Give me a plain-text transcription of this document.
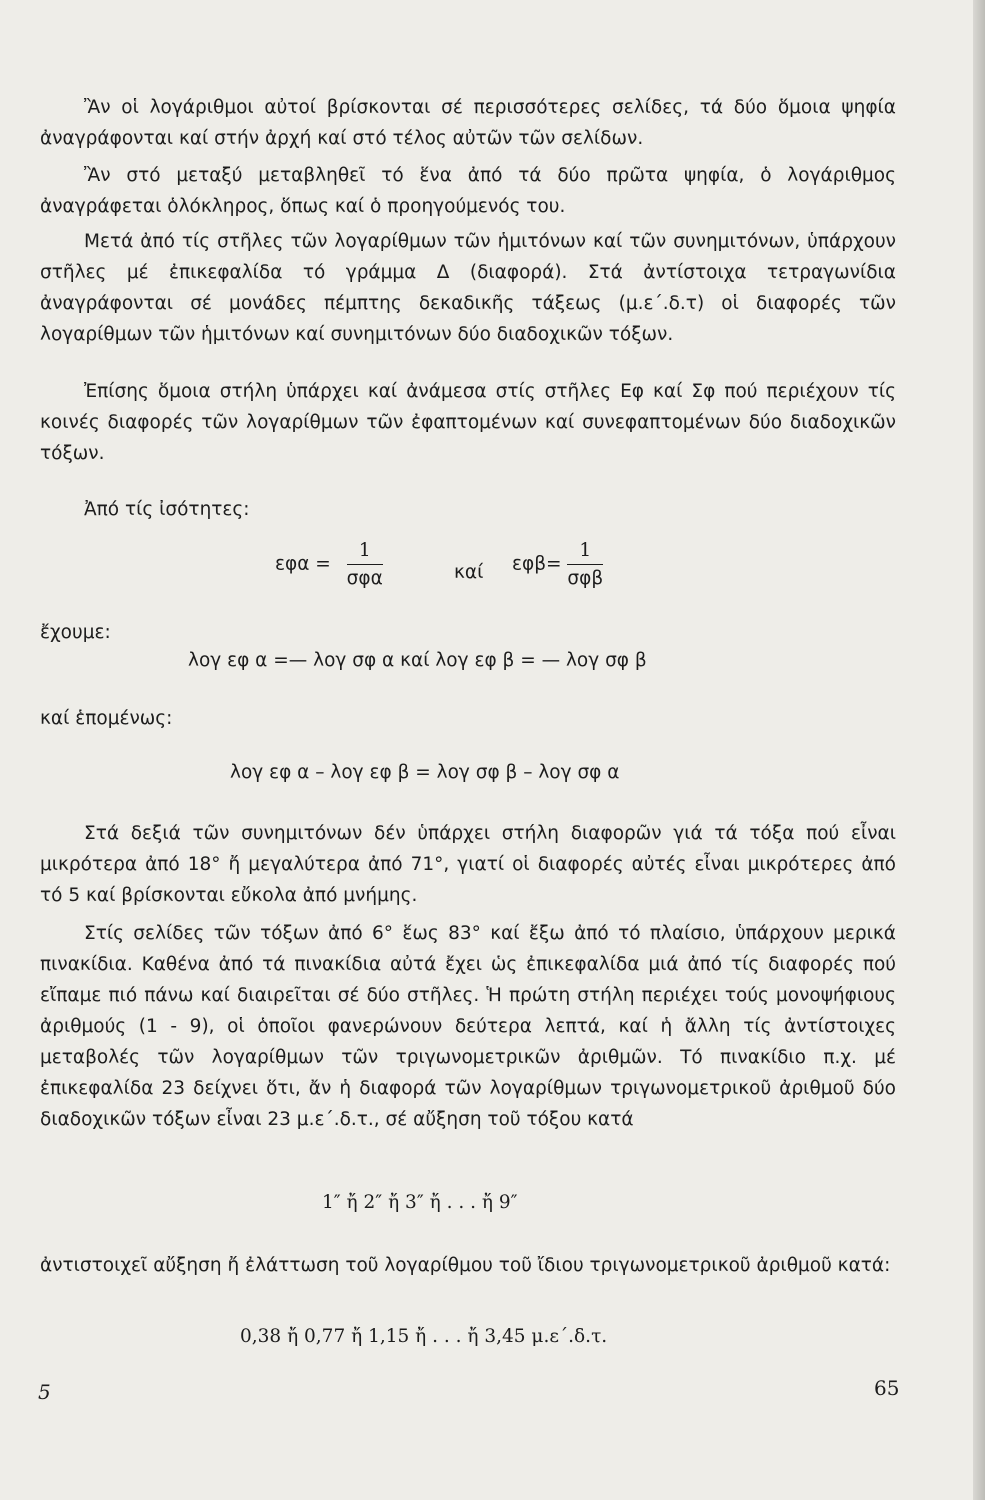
Ἂν οἱ λογάριθμοι αὐτοί βρίσκονται σέ περισσότερες σελίδες, τά δύο ὅμοια ψηφία ἀναγράφονται καί στήν ἀρχή καί στό τέλος αὐτῶν τῶν σελίδων.

Ἂν στό μεταξύ μεταβληθεῖ τό ἕνα ἀπό τά δύο πρῶτα ψηφία, ὁ λογάριθμος ἀναγράφεται ὁλόκληρος, ὅπως καί ὁ προηγούμενός του.

Μετά ἀπό τίς στῆλες τῶν λογαρίθμων τῶν ἡμιτόνων καί τῶν συνημιτόνων, ὑπάρχουν στῆλες μέ ἐπικεφαλίδα τό γράμμα Δ (διαφορά). Στά ἀντίστοιχα τετραγωνίδια ἀναγράφονται σέ μονάδες πέμπτης δεκαδικῆς τάξεως (μ.ε΄.δ.τ) οἱ διαφορές τῶν λογαρίθμων τῶν ἡμιτόνων καί συνημιτόνων δύο διαδοχικῶν τόξων.

Ἐπίσης ὅμοια στήλη ὑπάρχει καί ἀνάμεσα στίς στῆλες Εφ καί Σφ πού περιέχουν τίς κοινές διαφορές τῶν λογαρίθμων τῶν ἐφαπτομένων καί συνεφαπτομένων δύο διαδοχικῶν τόξων.

Ἀπό τίς ἰσότητες:

$\varepsilon\varphi\alpha = \frac{1}{\text{σφα}}$	καί $\varepsilon\varphi\beta= \frac{1}{\text{σφβ}}$
ἔχουμε:
λογ εφ α =— λογ σφ α καί λογ εφ β = — λογ σφ β
καί ἑπομένως:
λογ εφ α – λογ εφ β = λογ σφ β – λογ σφ α

Στά δεξιά τῶν συνημιτόνων δέν ὑπάρχει στήλη διαφορῶν γιά τά τόξα πού εἶναι μικρότερα ἀπό 18° ἤ μεγαλύτερα ἀπό 71°, γιατί οἱ διαφορές αὐτές εἶναι μικρότερες ἀπό τό 5 καί βρίσκονται εὔκολα ἀπό μνήμης.

Στίς σελίδες τῶν τόξων ἀπό 6° ἕως 83° καί ἔξω ἀπό τό πλαίσιο, ὑπάρχουν μερικά πινακίδια. Καθένα ἀπό τά πινακίδια αὐτά ἔχει ὡς ἐπικεφαλίδα μιά ἀπό τίς διαφορές πού εἴπαμε πιό πάνω καί διαιρεῖται σέ δύο στῆλες. Ἡ πρώτη στήλη περιέχει τούς μονοψήφιους ἀριθμούς (1 - 9), οἱ ὁποῖοι φανερώνουν δεύτερα λεπτά, καί ἡ ἄλλη τίς ἀντίστοιχες μεταβολές τῶν λογαρίθμων τῶν τριγωνομετρικῶν ἀριθμῶν. Τό πινακίδιο π.χ. μέ ἐπικεφαλίδα 23 δείχνει ὅτι, ἄν ἡ διαφορά τῶν λογαρίθμων τριγωνομετρικοῦ ἀριθμοῦ δύο διαδοχικῶν τόξων εἶναι 23 μ.ε΄.δ.τ., σέ αὔξηση τοῦ τόξου κατά

1″ ἤ 2″ ἤ 3″ ἤ . . . ἤ 9″

ἀντιστοιχεῖ αὔξηση ἤ ἐλάττωση τοῦ λογαρίθμου τοῦ ἴδιου τριγωνομετρικοῦ ἀριθμοῦ κατά:

0,38 ἤ 0,77 ἤ 1,15 ἤ . . . ἤ 3,45 μ.ε΄.δ.τ.
5	65
